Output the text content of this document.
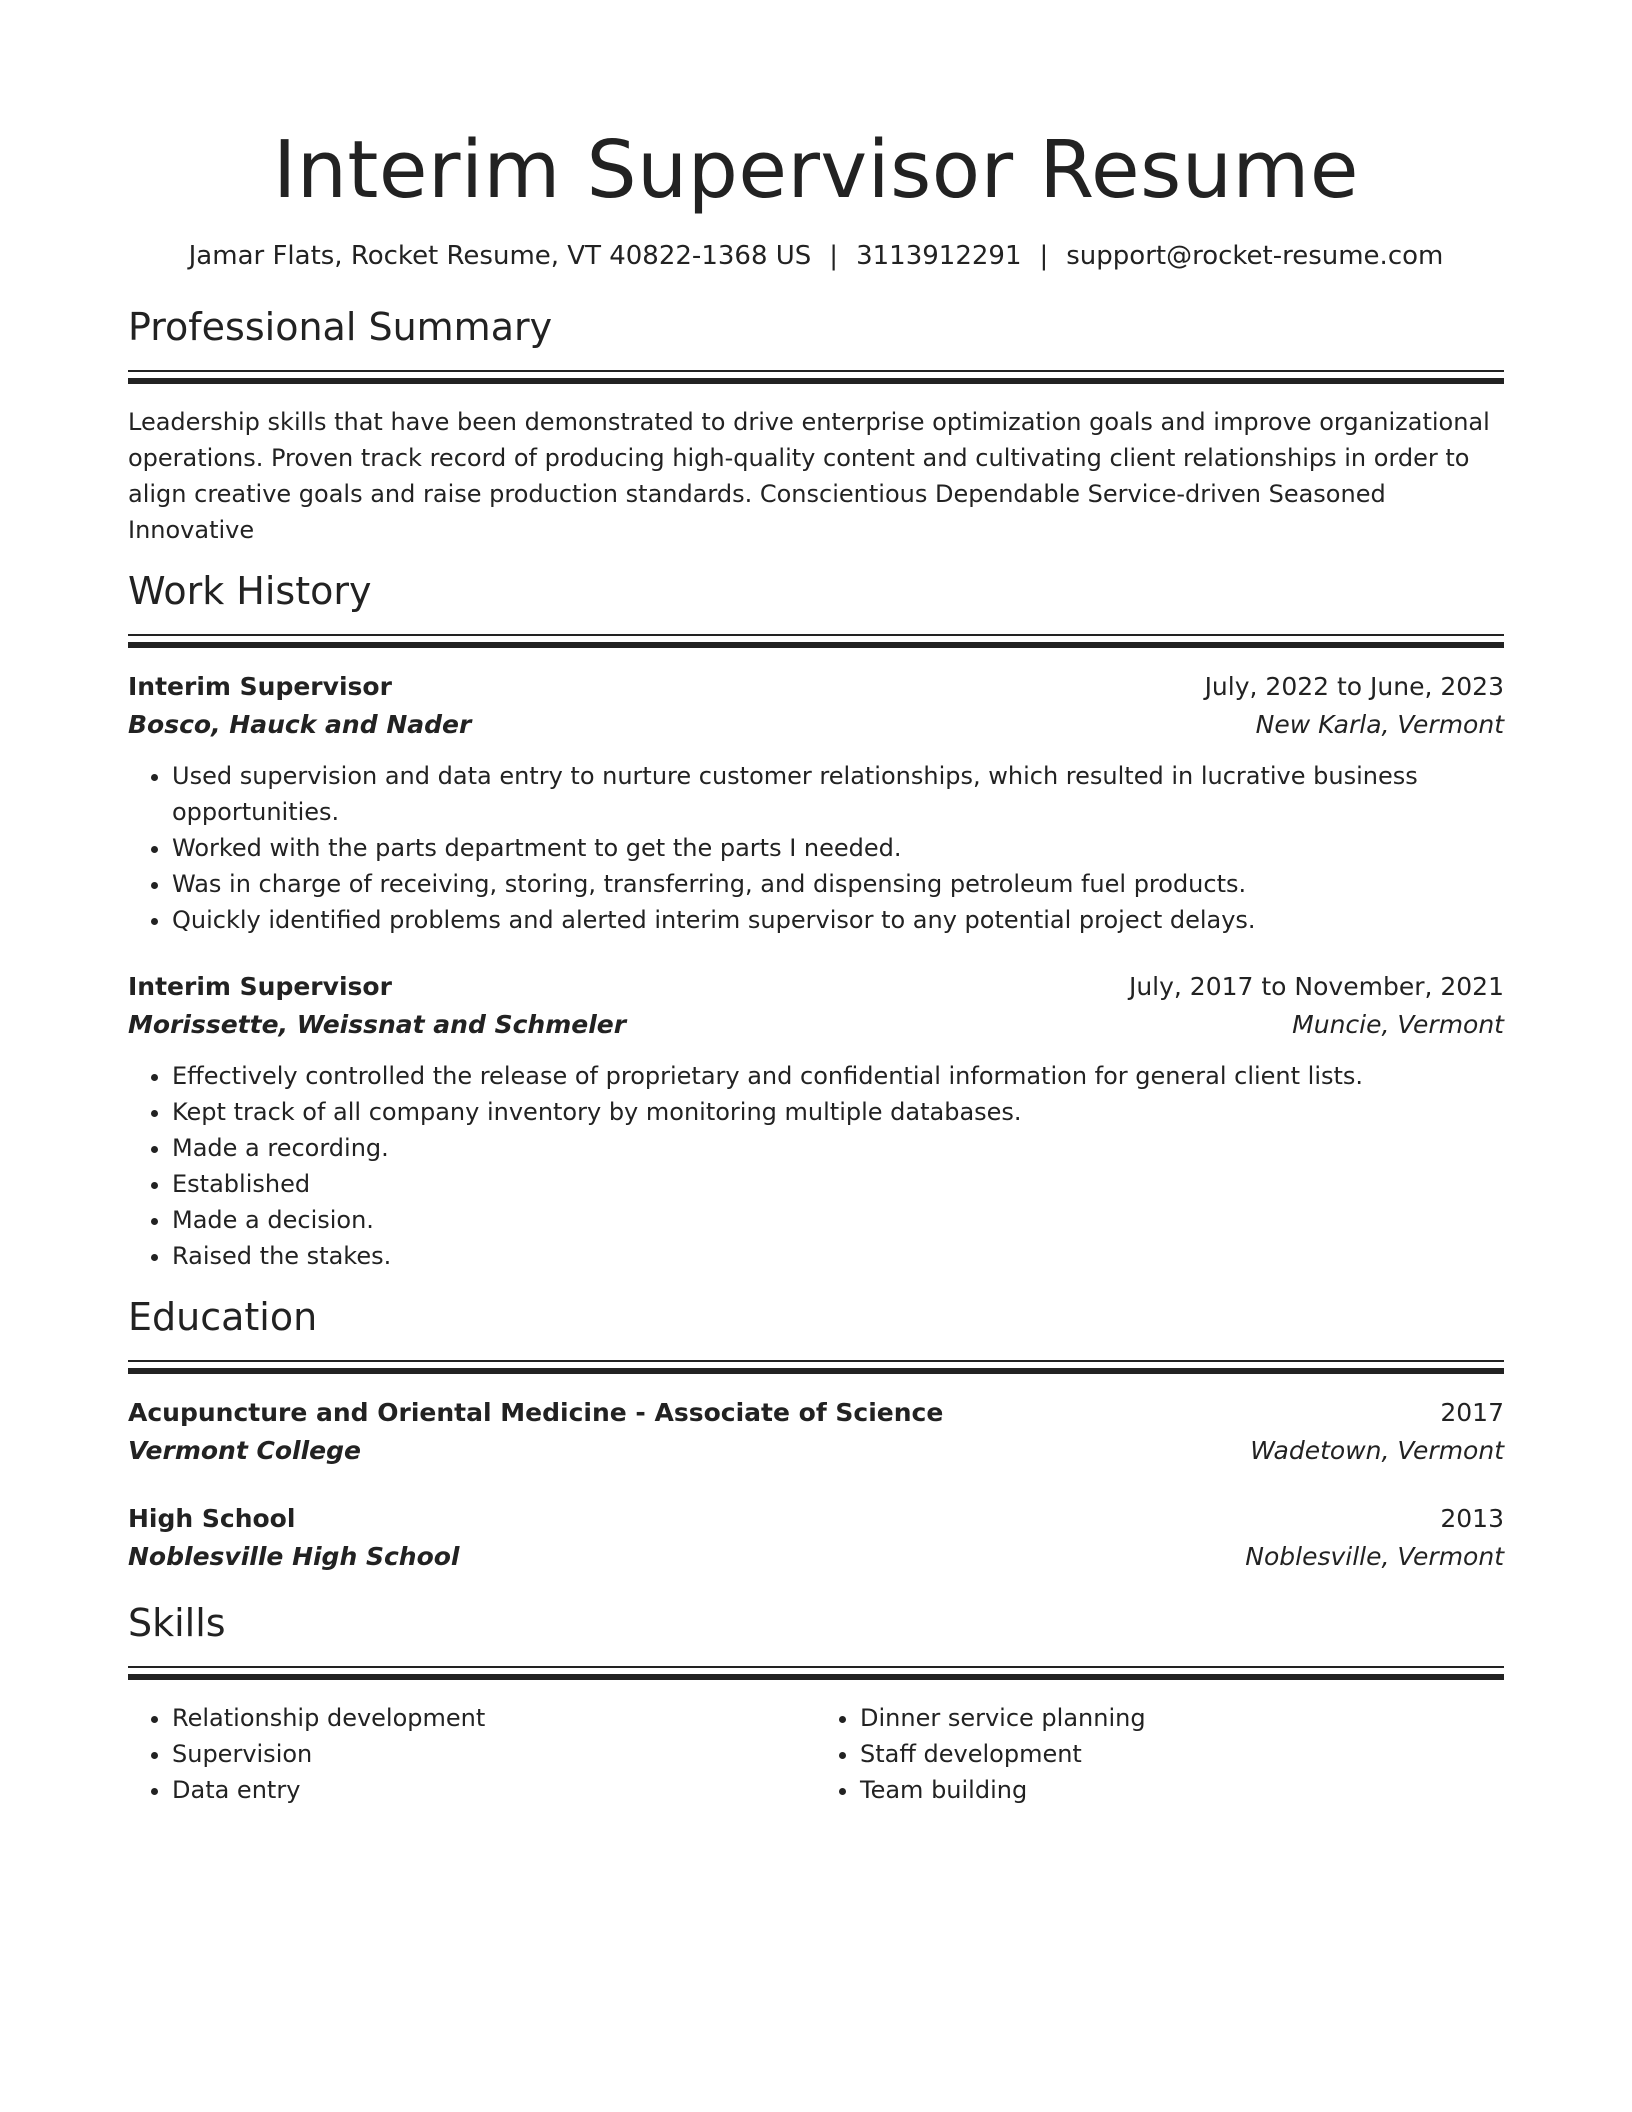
Interim Supervisor Resume
Jamar Flats, Rocket Resume, VT 40822-1368 US | 3113912291 | support@rocket-resume.com
Professional Summary

Leadership skills that have been demonstrated to drive enterprise optimization goals and improve organizational operations. Proven track record of producing high-quality content and cultivating client relationships in order to align creative goals and raise production standards. Conscientious Dependable Service-driven Seasoned Innovative

Work History
Interim Supervisor	July, 2022 to June, 2023
Bosco, Hauck and Nader	New Karla, Vermont
• Used supervision and data entry to nurture customer relationships, which resulted in lucrative business opportunities.
• Worked with the parts department to get the parts I needed.
• Was in charge of receiving, storing, transferring, and dispensing petroleum fuel products.
• Quickly identified problems and alerted interim supervisor to any potential project delays.
Interim Supervisor	July, 2017 to November, 2021
Morissette, Weissnat and Schmeler	Muncie, Vermont
• Effectively controlled the release of proprietary and confidential information for general client lists.
• Kept track of all company inventory by monitoring multiple databases.
• Made a recording.
• Established
• Made a decision.
• Raised the stakes.
Education
Acupuncture and Oriental Medicine - Associate of Science	2017
Vermont College	Wadetown, Vermont
High School	2013
Noblesville High School	Noblesville, Vermont
Skills
• Relationship development
• Supervision
• Data entry
• Dinner service planning
• Staff development
• Team building
